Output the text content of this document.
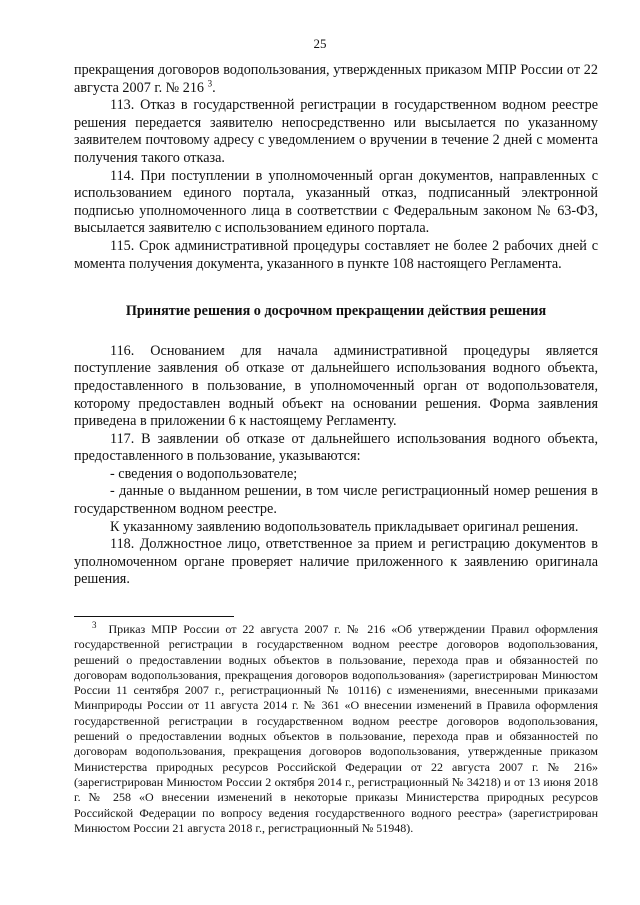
25

прекращения договоров водопользования, утвержденных приказом МПР России от 22 августа 2007 г. № 216 $^3$.

113. Отказ в государственной регистрации в государственном водном реестре решения передается заявителю непосредственно или высылается по указанному заявителем почтовому адресу с уведомлением о вручении в течение 2 дней с момента получения такого отказа.

114. При поступлении в уполномоченный орган документов, направленных с использованием единого портала, указанный отказ, подписанный электронной подписью уполномоченного лица в соответствии с Федеральным законом № 63-ФЗ, высылается заявителю с использованием единого портала.

115. Срок административной процедуры составляет не более 2 рабочих дней с момента получения документа, указанного в пункте 108 настоящего Регламента.

Принятие решения о досрочном прекращении действия решения

116. Основанием для начала административной процедуры является поступление заявления об отказе от дальнейшего использования водного объекта, предоставленного в пользование, в уполномоченный орган от водопользователя, которому предоставлен водный объект на основании решения. Форма заявления приведена в приложении 6 к настоящему Регламенту.

117. В заявлении об отказе от дальнейшего использования водного объекта, предоставленного в пользование, указываются:

- сведения о водопользователе;

- данные о выданном решении, в том числе регистрационный номер решения в государственном водном реестре.

К указанному заявлению водопользователь прикладывает оригинал решения.

118. Должностное лицо, ответственное за прием и регистрацию документов в уполномоченном органе проверяет наличие приложенного к заявлению оригинала решения.

$^3$ Приказ МПР России от 22 августа 2007 г. № 216 «Об утверждении Правил оформления государственной регистрации в государственном водном реестре договоров водопользования, решений о предоставлении водных объектов в пользование, перехода прав и обязанностей по договорам водопользования, прекращения договоров водопользования» (зарегистрирован Минюстом России 11 сентября 2007 г., регистрационный № 10116) с изменениями, внесенными приказами Минприроды России от 11 августа 2014 г. № 361 «О внесении изменений в Правила оформления государственной регистрации в государственном водном реестре договоров водопользования, решений о предоставлении водных объектов в пользование, перехода прав и обязанностей по договорам водопользования, прекращения договоров водопользования, утвержденные приказом Министерства природных ресурсов Российской Федерации от 22 августа 2007 г. № 216» (зарегистрирован Минюстом России 2 октября 2014 г., регистрационный № 34218) и от 13 июня 2018 г. № 258 «О внесении изменений в некоторые приказы Министерства природных ресурсов Российской Федерации по вопросу ведения государственного водного реестра» (зарегистрирован Минюстом России 21 августа 2018 г., регистрационный № 51948).
